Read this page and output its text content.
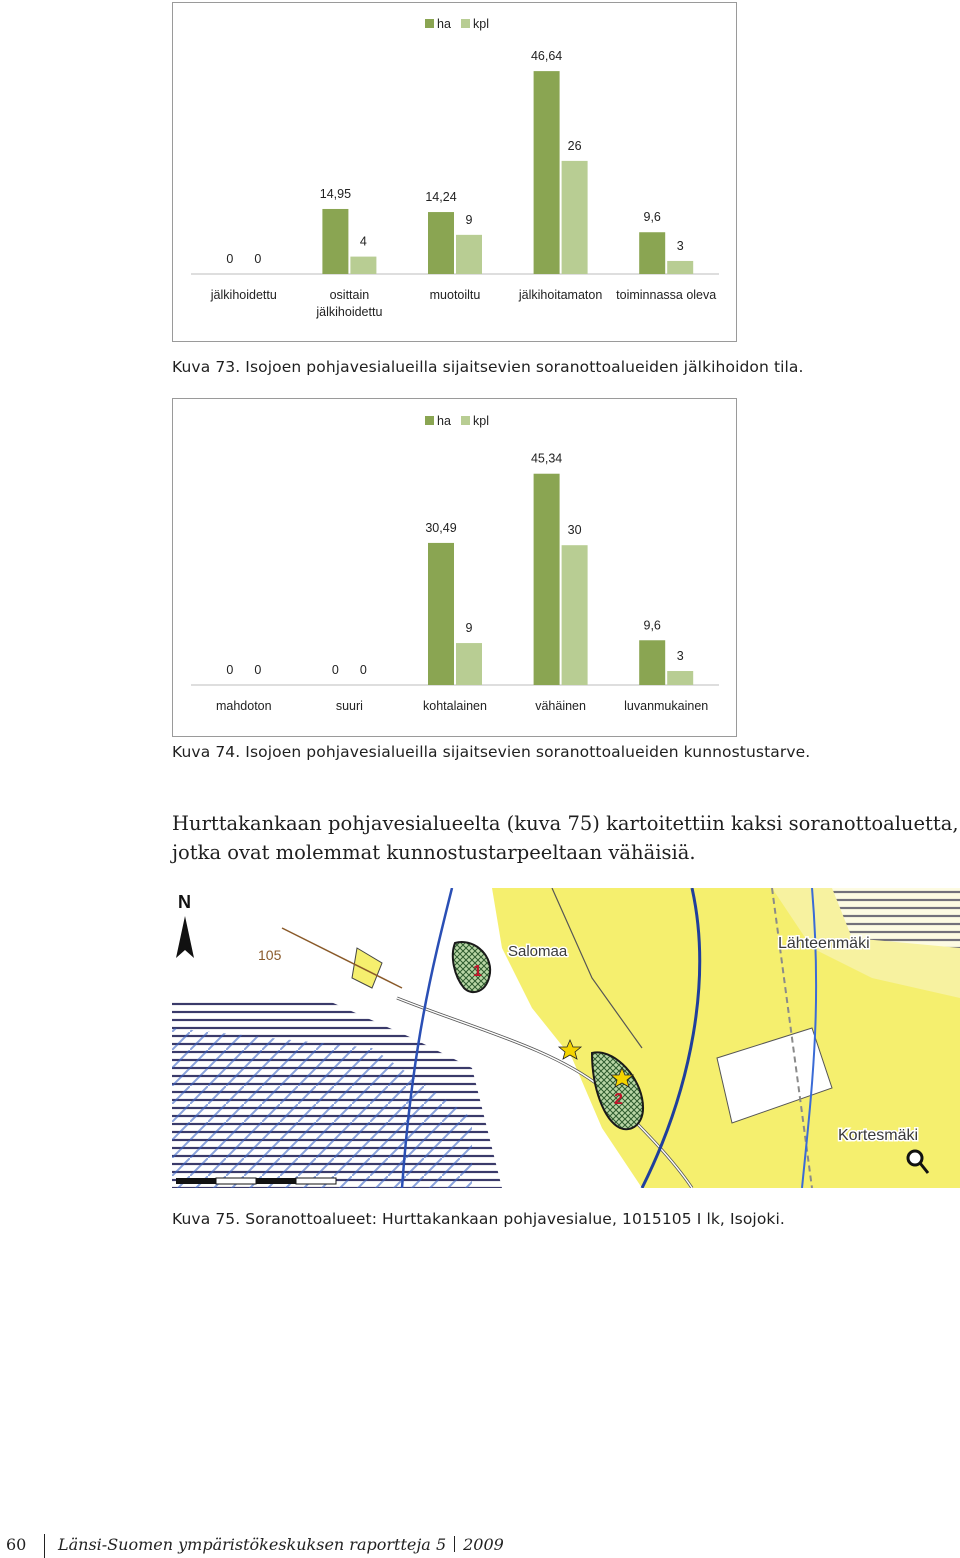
ha kpl
0 0
jälkihoidettu
14,95
4
osittain
jälkihoidettu
14,24
9
muotoiltu
46,64
26
jälkihoitamaton
9,6
3
toiminnassa oleva
Kuva 73. Isojoen pohjavesialueilla sijaitsevien soranottoalueiden jälkihoidon tila.
ha kpl
0 0
mahdoton
0 0
suuri
30,49
9
kohtalainen
45,34
30
vähäinen
9,6
3
luvanmukainen
Kuva 74. Isojoen pohjavesialueilla sijaitsevien soranottoalueiden kunnostustarve.
Hurttakankaan pohjavesialueelta (kuva 75) kartoitettiin kaksi soranottoaluetta, jotka ovat molemmat kunnostustarpeeltaan vähäisiä.
1
2
Salomaa	Lähteenmäki
Kortesmäki
105
N
Kuva 75. Soranottoalueet: Hurttakankaan pohjavesialue, 1015105 I lk, Isojoki.
60 Länsi-Suomen ympäristökeskuksen raportteja 5 2009
